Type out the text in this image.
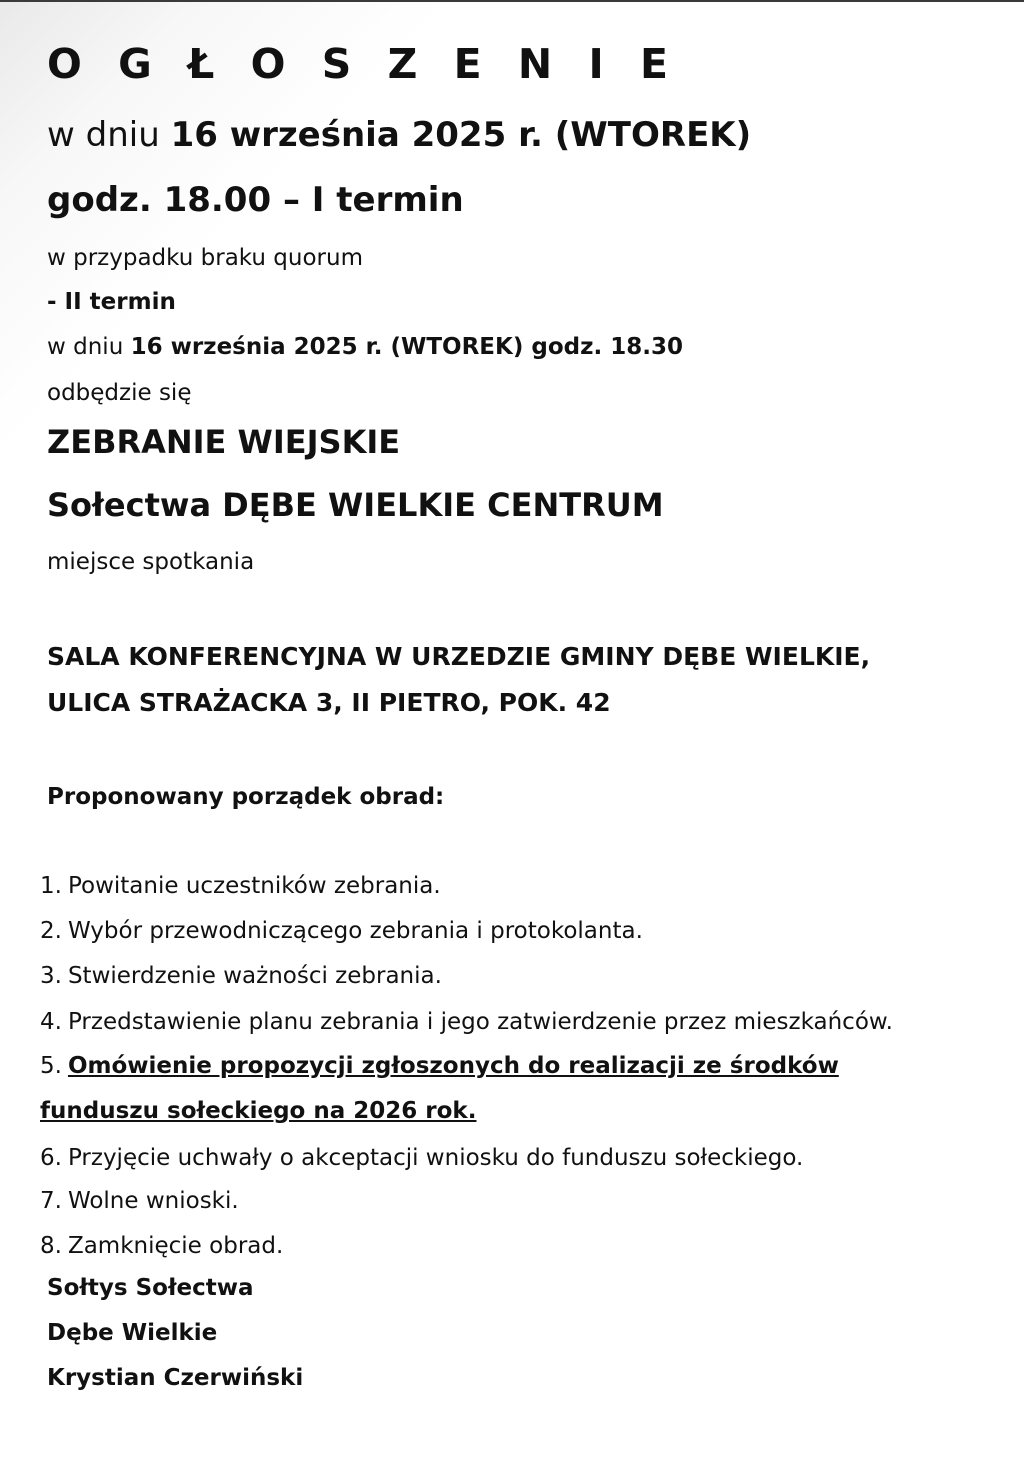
O G Ł O S Z E N I E
w dniu 16 września 2025 r. (WTOREK)
godz. 18.00 – I termin
w przypadku braku quorum
- II termin
w dniu 16 września 2025 r. (WTOREK) godz. 18.30
odbędzie się
ZEBRANIE WIEJSKIE
Sołectwa DĘBE WIELKIE CENTRUM
miejsce spotkania
SALA KONFERENCYJNA W URZEDZIE GMINY DĘBE WIELKIE,
ULICA STRAŻACKA 3, II PIETRO, POK. 42
Proponowany porządek obrad:
1. Powitanie uczestników zebrania.
2. Wybór przewodniczącego zebrania i protokolanta.
3. Stwierdzenie ważności zebrania.
4. Przedstawienie planu zebrania i jego zatwierdzenie przez mieszkańców.
5. Omówienie propozycji zgłoszonych do realizacji ze środków
funduszu sołeckiego na 2026 rok.
6. Przyjęcie uchwały o akceptacji wniosku do funduszu sołeckiego.
7. Wolne wnioski.
8. Zamknięcie obrad.
Sołtys Sołectwa
Dębe Wielkie
Krystian Czerwiński
